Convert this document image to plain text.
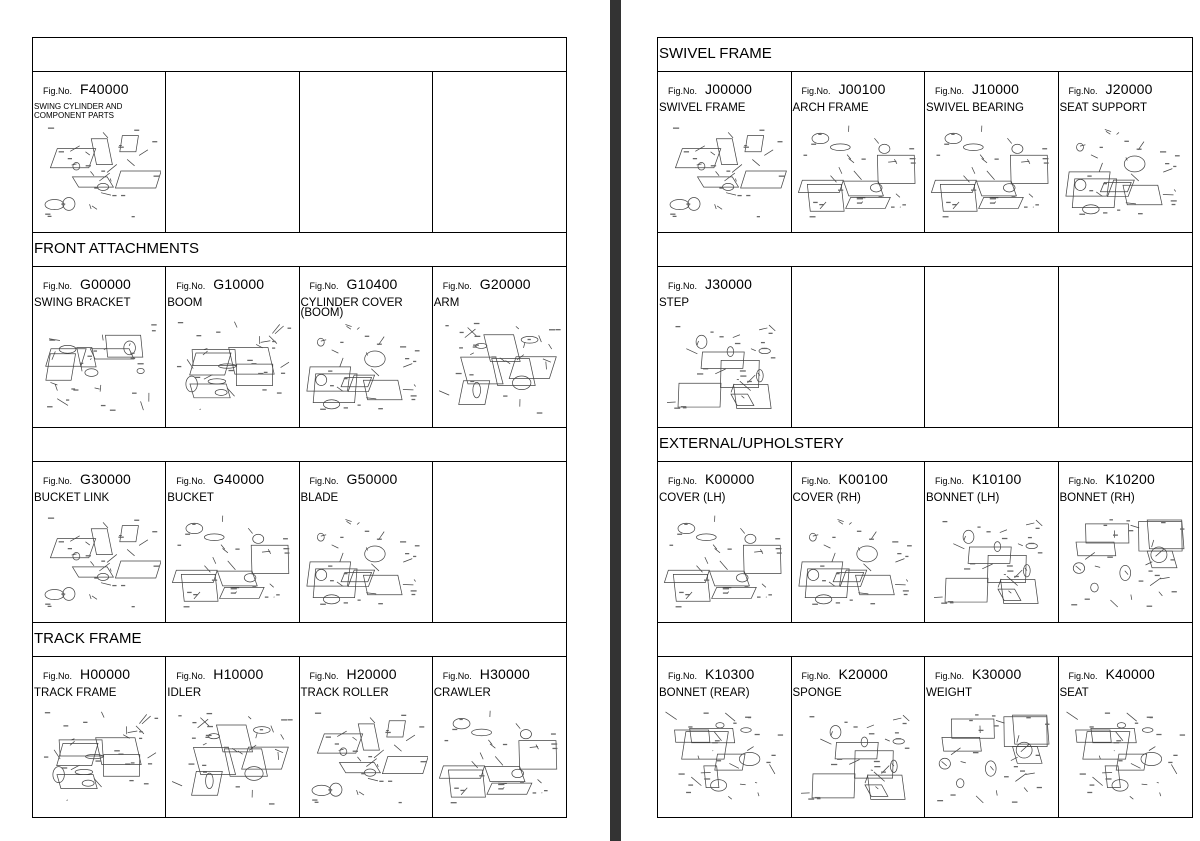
Fig.No. F40000
SWING CYLINDER AND COMPONENT PARTS
FRONT ATTACHMENTS
Fig.No. G00000
SWING BRACKET
Fig.No. G10000
BOOM
Fig.No. G10400
CYLINDER COVER (BOOM)
Fig.No. G20000
ARM
Fig.No. G30000
BUCKET LINK
Fig.No. G40000
BUCKET
Fig.No. G50000
BLADE
TRACK FRAME
Fig.No. H00000
TRACK FRAME
Fig.No. H10000
IDLER
Fig.No. H20000
TRACK ROLLER
Fig.No. H30000
CRAWLER
SWIVEL FRAME
Fig.No. J00000
SWIVEL FRAME
Fig.No. J00100
ARCH FRAME
Fig.No. J10000
SWIVEL BEARING
Fig.No. J20000
SEAT SUPPORT
Fig.No. J30000
STEP
EXTERNAL/UPHOLSTERY
Fig.No. K00000
COVER (LH)
Fig.No. K00100
COVER (RH)
Fig.No. K10100
BONNET (LH)
Fig.No. K10200
BONNET (RH)
Fig.No. K10300
BONNET (REAR)
Fig.No. K20000
SPONGE
Fig.No. K30000
WEIGHT
Fig.No. K40000
SEAT
